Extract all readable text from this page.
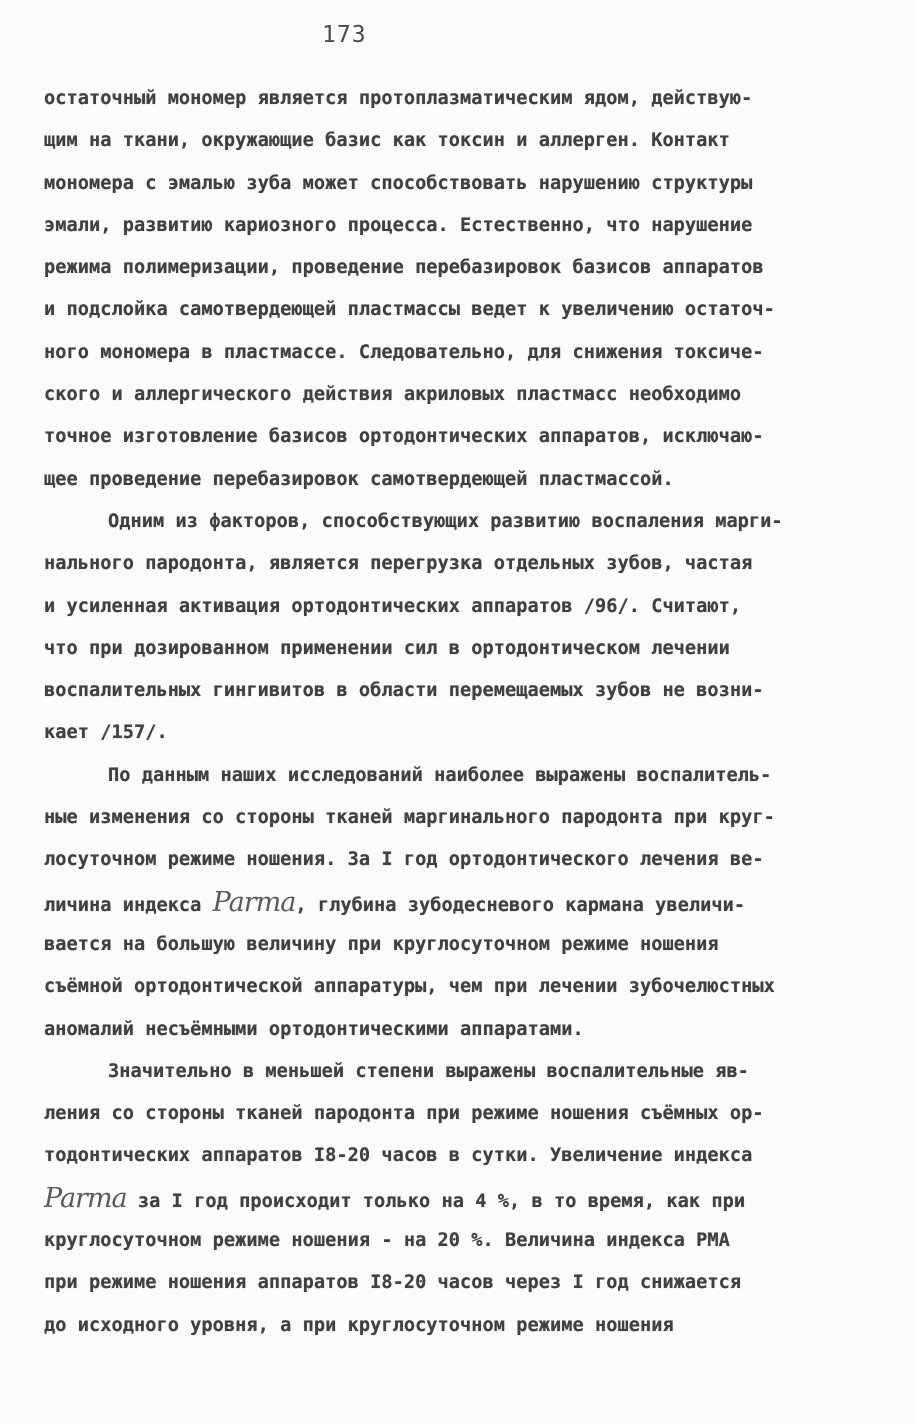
173
остаточный мономер является протоплазматическим ядом, действую-
щим на ткани, окружающие базис как токсин и аллерген. Контакт
мономера с эмалью зуба может способствовать нарушению структуры
эмали, развитию кариозного процесса. Естественно, что нарушение
режима полимеризации, проведение перебазировок базисов аппаратов
и подслойка самотвердеющей пластмассы ведет к увеличению остаточ-
ного мономера в пластмассе. Следовательно, для снижения токсиче-
ского и аллергического действия акриловых пластмасс необходимо
точное изготовление базисов ортодонтических аппаратов, исключаю-
щее проведение перебазировок самотвердеющей пластмассой.
Одним из факторов, способствующих развитию воспаления марги-
нального пародонта, является перегрузка отдельных зубов, частая
и усиленная активация ортодонтических аппаратов /96/. Считают,
что при дозированном применении сил в ортодонтическом лечении
воспалительных гингивитов в области перемещаемых зубов не возни-
кает /157/.
По данным наших исследований наиболее выражены воспалитель-
ные изменения со стороны тканей маргинального пародонта при круг-
лосуточном режиме ношения. За I год ортодонтического лечения ве-
личина индекса Parma, глубина зубодесневого кармана увеличи-
вается на большую величину при круглосуточном режиме ношения
съёмной ортодонтической аппаратуры, чем при лечении зубочелюстных
аномалий несъёмными ортодонтическими аппаратами.
Значительно в меньшей степени выражены воспалительные яв-
ления со стороны тканей пародонта при режиме ношения съёмных ор-
тодонтических аппаратов I8-20 часов в сутки. Увеличение индекса
Parma за I год происходит только на 4 %, в то время, как при
круглосуточном режиме ношения - на 20 %. Величина индекса РМА
при режиме ношения аппаратов I8-20 часов через I год снижается
до исходного уровня, а при круглосуточном режиме ношения
